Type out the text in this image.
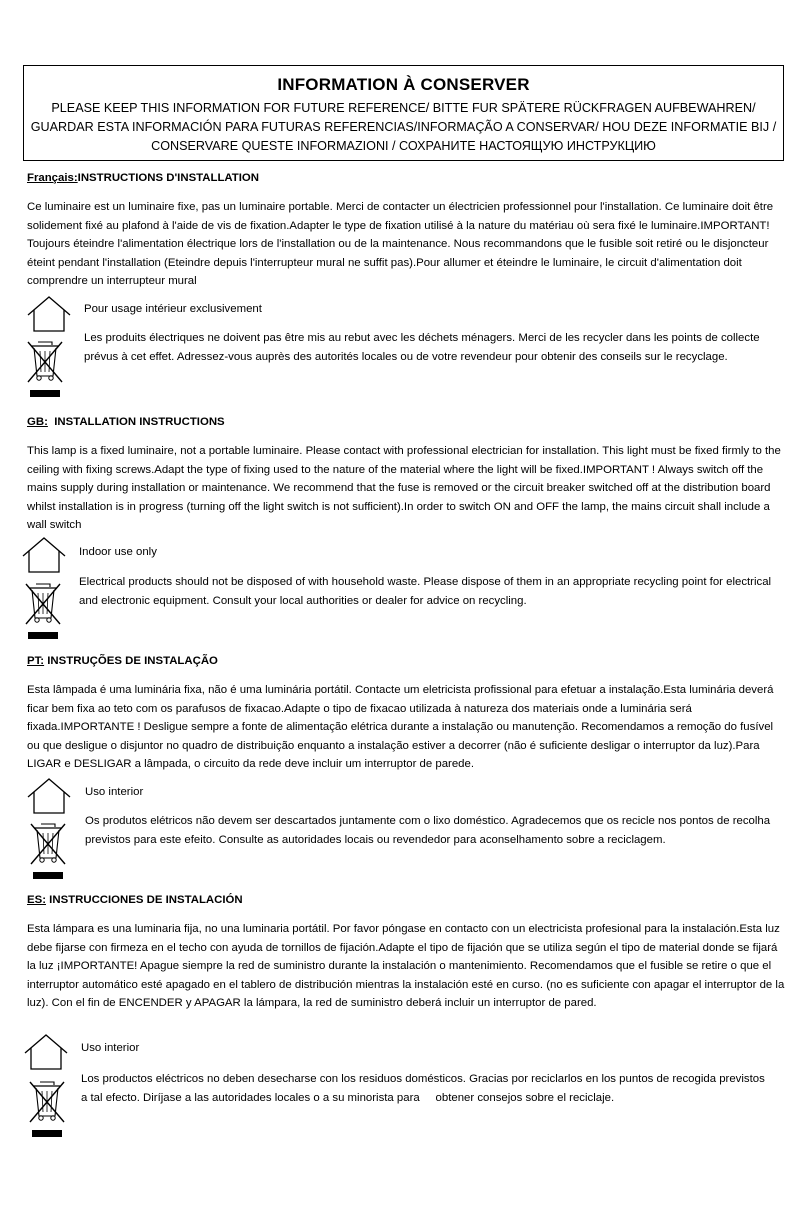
INFORMATION À CONSERVER
PLEASE KEEP THIS INFORMATION FOR FUTURE REFERENCE/ BITTE FUR SPÄTERE RÜCKFRAGEN AUFBEWAHREN/ GUARDAR ESTA INFORMACIÓN PARA FUTURAS REFERENCIAS/INFORMAÇÃO A CONSERVAR/ HOU DEZE INFORMATIE BIJ / CONSERVARE QUESTE INFORMAZIONI / СОХРАНИТЕ НАСТОЯЩУЮ ИНСТРУКЦИЮ
Français:INSTRUCTIONS D'INSTALLATION
Ce luminaire est un luminaire fixe, pas un luminaire portable. Merci de contacter un électricien professionnel pour l'installation. Ce luminaire doit être solidement fixé au plafond à l'aide de vis de fixation.Adapter le type de fixation utilisé à la nature du matériau où sera fixé le luminaire.IMPORTANT! Toujours éteindre l'alimentation électrique lors de l'installation ou de la maintenance. Nous recommandons que le fusible soit retiré ou le disjoncteur éteint pendant l'installation (Eteindre depuis l'interrupteur mural ne suffit pas).Pour allumer et éteindre le luminaire, le circuit d'alimentation doit comprendre un interrupteur mural
Pour usage intérieur exclusivement
Les produits électriques ne doivent pas être mis au rebut avec les déchets ménagers. Merci de les recycler dans les points de collecte prévus à cet effet. Adressez-vous auprès des autorités locales ou de votre revendeur pour obtenir des conseils sur le recyclage.
GB: INSTALLATION INSTRUCTIONS
This lamp is a fixed luminaire, not a portable luminaire. Please contact with professional electrician for installation. This light must be fixed firmly to the ceiling with fixing screws.Adapt the type of fixing used to the nature of the material where the light will be fixed.IMPORTANT ! Always switch off the mains supply during installation or maintenance. We recommend that the fuse is removed or the circuit breaker switched off at the distribution board whilst installation is in progress (turning off the light switch is not sufficient).In order to switch ON and OFF the lamp, the mains circuit shall include a wall switch
Indoor use only
Electrical products should not be disposed of with household waste. Please dispose of them in an appropriate recycling point for electrical and electronic equipment. Consult your local authorities or dealer for advice on recycling.
PT: INSTRUÇÕES DE INSTALAÇÃO
Esta lâmpada é uma luminária fixa, não é uma luminária portátil. Contacte um eletricista profissional para efetuar a instalação.Esta luminária deverá ficar bem fixa ao teto com os parafusos de fixacao.Adapte o tipo de fixacao utilizada à natureza dos materiais onde a luminária será fixada.IMPORTANTE ! Desligue sempre a fonte de alimentação elétrica durante a instalação ou manutenção. Recomendamos a remoção do fusível ou que desligue o disjuntor no quadro de distribuição enquanto a instalação estiver a decorrer (não é suficiente desligar o interruptor da luz).Para LIGAR e DESLIGAR a lâmpada, o circuito da rede deve incluir um interruptor de parede.
Uso interior
Os produtos elétricos não devem ser descartados juntamente com o lixo doméstico. Agradecemos que os recicle nos pontos de recolha previstos para este efeito. Consulte as autoridades locais ou revendedor para aconselhamento sobre a reciclagem.
ES: INSTRUCCIONES DE INSTALACIÓN
Esta lámpara es una luminaria fija, no una luminaria portátil. Por favor póngase en contacto con un electricista profesional para la instalación.Esta luz debe fijarse con firmeza en el techo con ayuda de tornillos de fijación.Adapte el tipo de fijación que se utiliza según el tipo de material donde se fijará la luz ¡IMPORTANTE! Apague siempre la red de suministro durante la instalación o mantenimiento. Recomendamos que el fusible se retire o que el interruptor automático esté apagado en el tablero de distribución mientras la instalación esté en curso. (no es suficiente con apagar el interruptor de la luz). Con el fin de ENCENDER y APAGAR la lámpara, la red de suministro deberá incluir un interruptor de pared.
Uso interior
Los productos eléctricos no deben desecharse con los residuos domésticos. Gracias por reciclarlos en los puntos de recogida previstos a tal efecto. Diríjase a las autoridades locales o a su minorista para     obtener consejos sobre el reciclaje.
